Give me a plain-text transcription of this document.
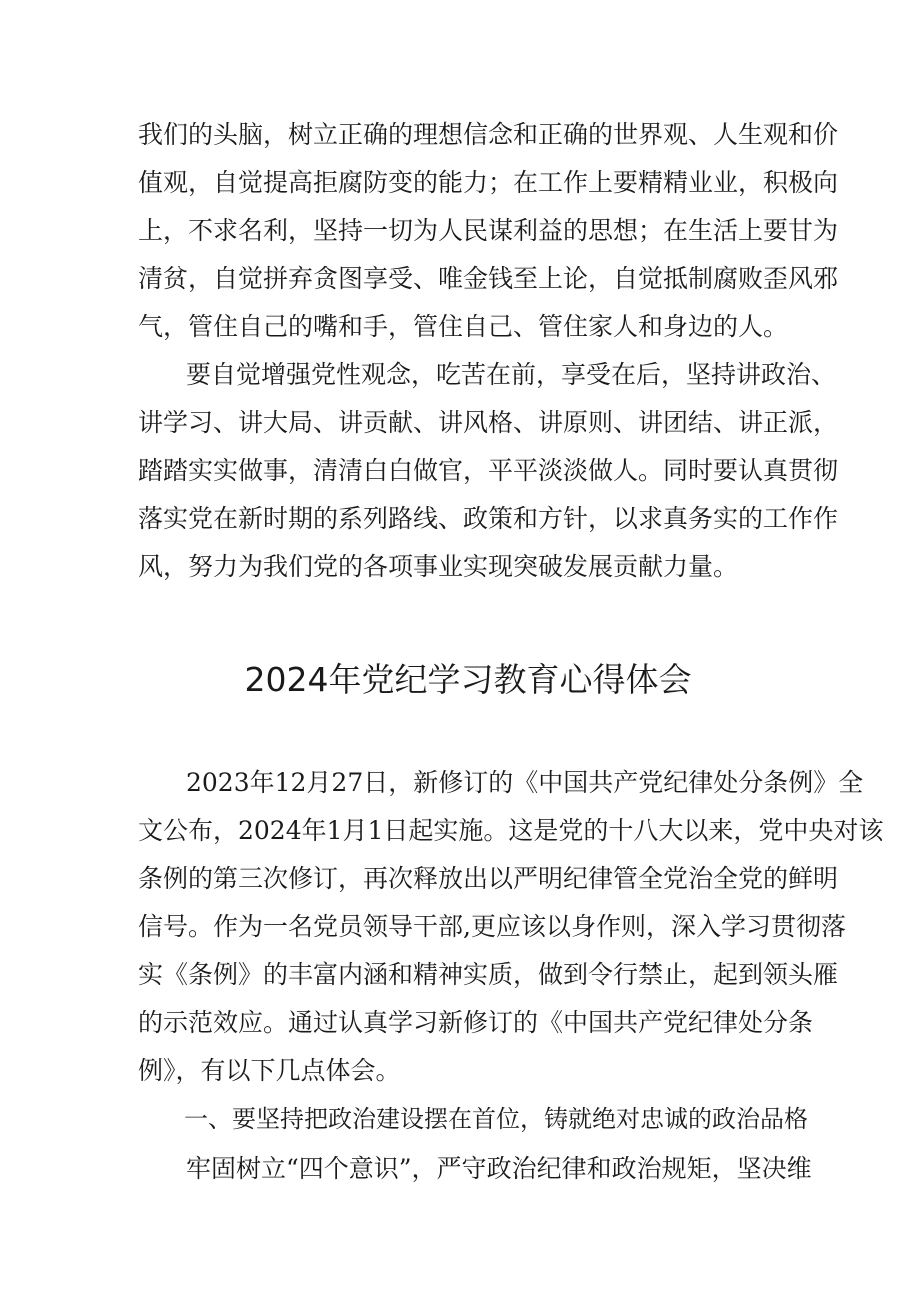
我们的头脑，树立正确的理想信念和正确的世界观、人生观和价
值观，自觉提高拒腐防变的能力；在工作上要精精业业，积极向
上，不求名利，坚持一切为人民谋利益的思想；在生活上要甘为
清贫，自觉拼弃贪图享受、唯金钱至上论，自觉抵制腐败歪风邪
气，管住自己的嘴和手，管住自己、管住家人和身边的人。
要自觉增强党性观念，吃苦在前，享受在后，坚持讲政治、
讲学习、讲大局、讲贡献、讲风格、讲原则、讲团结、讲正派，
踏踏实实做事，清清白白做官，平平淡淡做人。同时要认真贯彻
落实党在新时期的系列路线、政策和方针，以求真务实的工作作
风，努力为我们党的各项事业实现突破发展贡献力量。
2024年党纪学习教育心得体会
2023年12月27日，新修订的《中国共产党纪律处分条例》全
文公布，2024年1月1日起实施。这是党的十八大以来，党中央对该
条例的第三次修订，再次释放出以严明纪律管全党治全党的鲜明
信号。作为一名党员领导干部,更应该以身作则，深入学习贯彻落
实《条例》的丰富内涵和精神实质，做到令行禁止，起到领头雁
的示范效应。通过认真学习新修订的《中国共产党纪律处分条
例》，有以下几点体会。
一、要坚持把政治建设摆在首位，铸就绝对忠诚的政治品格
牢固树立“四个意识”，严守政治纪律和政治规矩，坚决维
